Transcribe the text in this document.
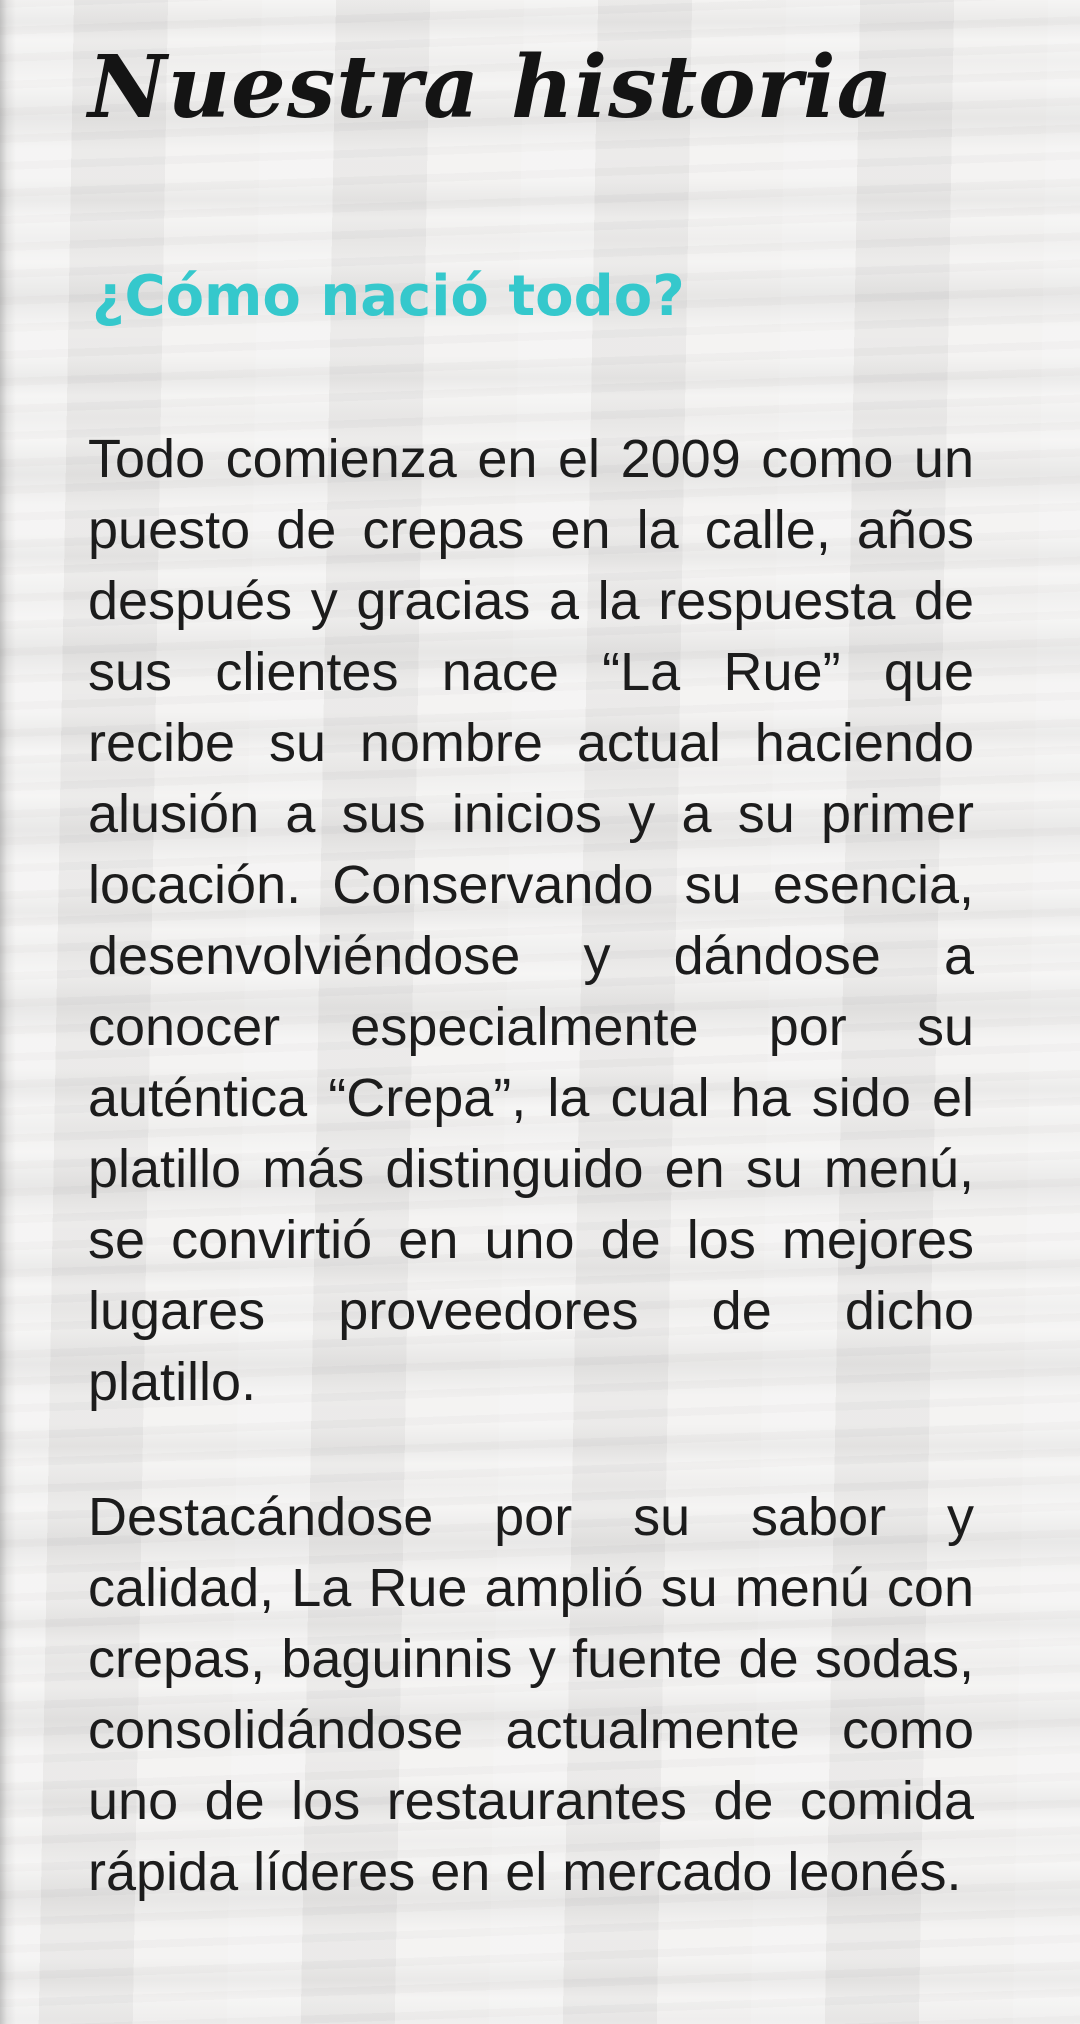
Nuestra historia
¿Cómo nació todo?

Todo comienza en el 2009 como un puesto de crepas en la calle, años después y gracias a la respuesta de sus clientes nace “La Rue” que recibe su nombre actual haciendo alusión a sus inicios y a su primer locación. Conservando su esencia, desenvolviéndose y dándose a conocer especialmente por su auténtica “Crepa”, la cual ha sido el platillo más distinguido en su menú, se convirtió en uno de los mejores lugares proveedores de dicho platillo.

Destacándose por su sabor y calidad, La Rue amplió su menú con crepas, baguinnis y fuente de sodas, consolidándose actualmente como uno de los restaurantes de comida rápida líderes en el mercado leonés.
